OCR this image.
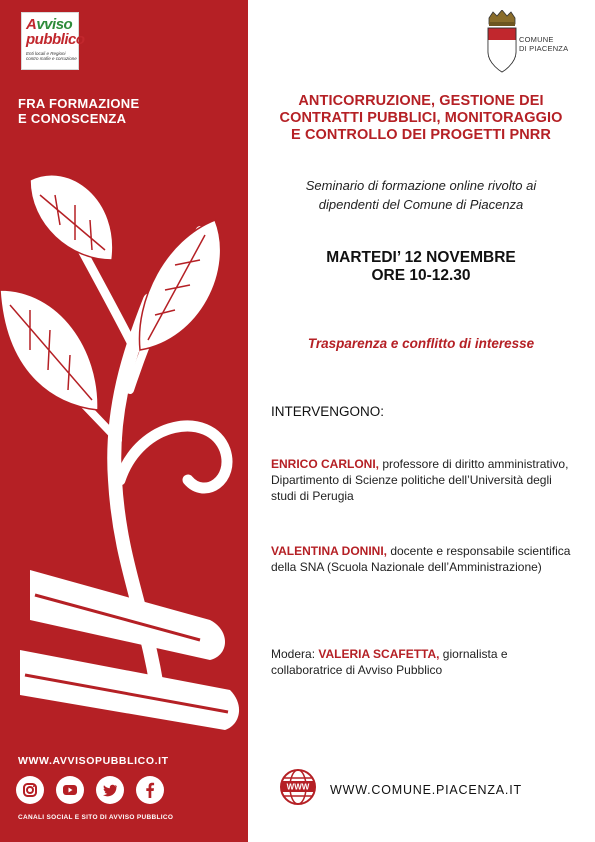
Avviso
pubblico
Enti locali e Regioni contro mafie e corruzione
FRA FORMAZIONE
E CONOSCENZA
WWW.AVVISOPUBBLICO.IT
CANALI SOCIAL E SITO DI AVVISO PUBBLICO
COMUNE
DI PIACENZA
ANTICORRUZIONE, GESTIONE DEI
CONTRATTI PUBBLICI, MONITORAGGIO
E CONTROLLO DEI PROGETTI PNRR
Seminario di formazione online rivolto ai
dipendenti del Comune di Piacenza
MARTEDI’ 12 NOVEMBRE
ORE 10-12.30
Trasparenza e conflitto di interesse
INTERVENGONO:
ENRICO CARLONI, professore di diritto amministrativo, Dipartimento di Scienze politiche dell’Università degli studi di Perugia
VALENTINA DONINI, docente e responsabile scientifica della SNA (Scuola Nazionale dell’Amministrazione)
Modera: VALERIA SCAFETTA, giornalista e collaboratrice di Avviso Pubblico
WWW WWW.COMUNE.PIACENZA.IT
